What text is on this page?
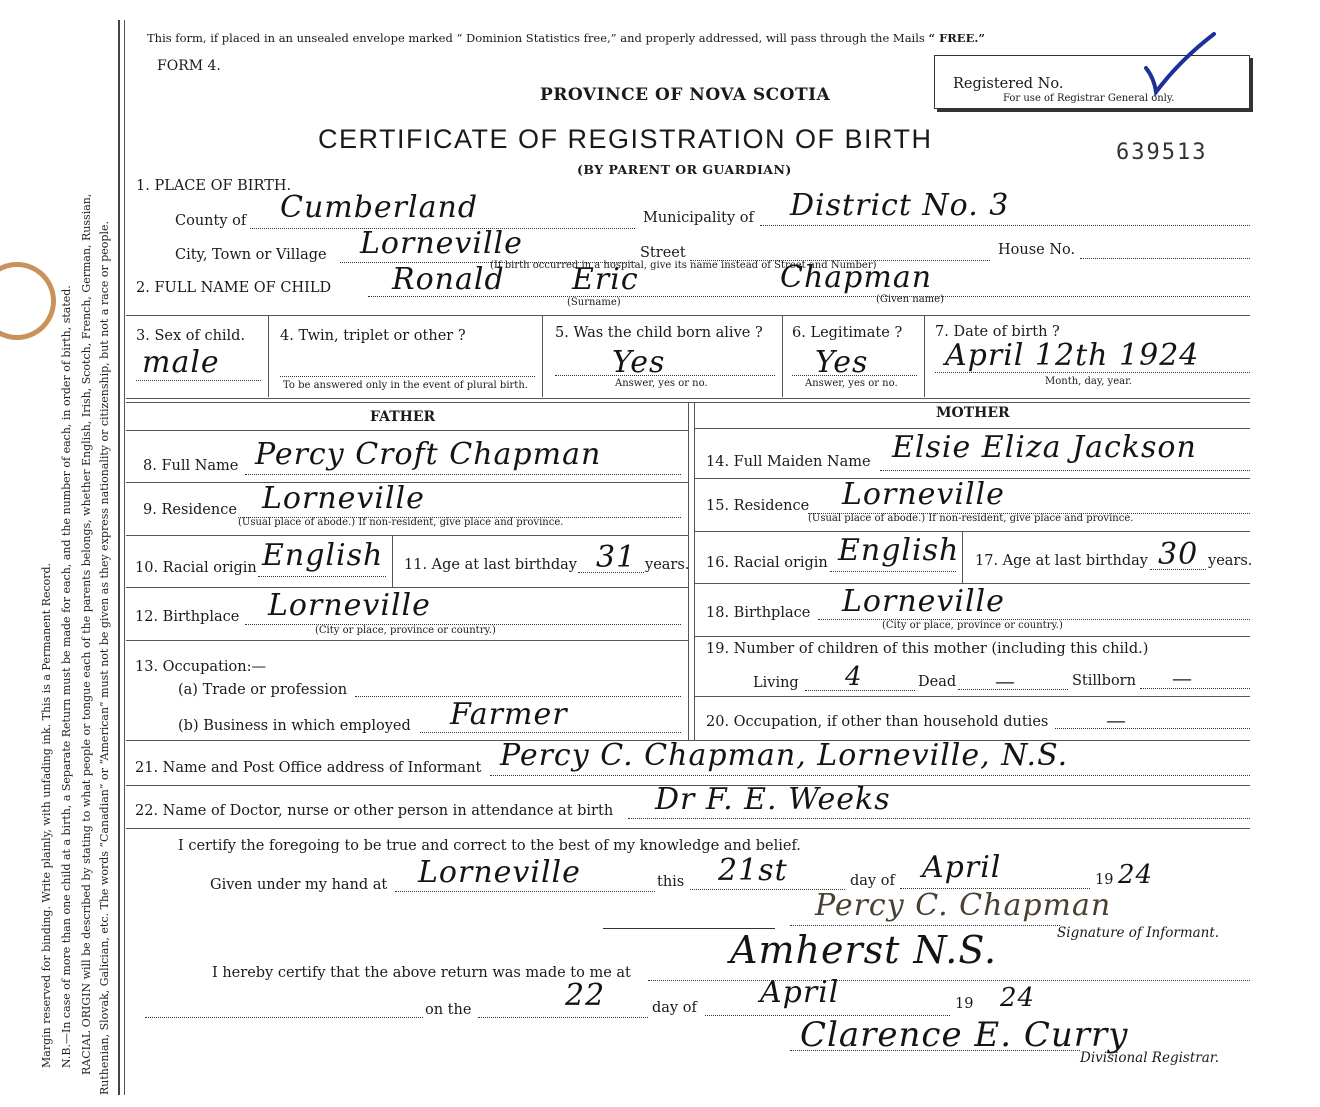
Margin reserved for binding. Write plainly, with unfading ink. This is a Permanent Record. N.B.—In case of more than one child at a birth, a Separate Return must be made for each, and the number of each, in order of birth, stated. RACIAL ORIGIN will be described by stating to what people or tongue each of the parents belongs, whether English, Irish, Scotch, French, German, Russian, Ruthenian, Slovak, Galician, etc. The words “Canadian” or “American” must not be given as they express nationality or citizenship, but not a race or people.
This form, if placed in an unsealed envelope marked “ Dominion Statistics free,” and properly addressed, will pass through the Mails “ FREE.”
FORM 4.
PROVINCE OF NOVA SCOTIA
CERTIFICATE OF REGISTRATION OF BIRTH
(BY PARENT OR GUARDIAN)
Registered No.
For use of Registrar General only.
639513
1. PLACE OF BIRTH.
County of Cumberland	Municipality of District No. 3
City, Town or Village Lorneville	Street	House No.
(If birth occurred in a hospital, give its name instead of Street and Number)
2. FULL NAME OF CHILD Ronald Eric	Chapman
(Surname)	(Given name)
3. Sex of child.
male
4. Twin, triplet or other ?
To be answered only in the event of plural birth.
5. Was the child born alive ?
Yes
Answer, yes or no.
6. Legitimate ?
Yes
Answer, yes or no.
7. Date of birth ?
April 12th 1924
Month, day, year.
FATHER	MOTHER
8. Full Name Percy Croft Chapman
9. Residence Lorneville
(Usual place of abode.) If non-resident, give place and province.
10. Racial origin English 11. Age at last birthday 31 years.
12. Birthplace Lorneville
(City or place, province or country.)
13. Occupation:—
(a) Trade or profession
(b) Business in which employed Farmer
14. Full Maiden Name Elsie Eliza Jackson
15. Residence Lorneville
(Usual place of abode.) If non-resident, give place and province.
16. Racial origin English 17. Age at last birthday 30 years.
18. Birthplace Lorneville
(City or place, province or country.)
19. Number of children of this mother (including this child.)
Living 4	Dead —	Stillborn —
20. Occupation, if other than household duties	—
21. Name and Post Office address of Informant Percy C. Chapman, Lorneville, N.S.
22. Name of Doctor, nurse or other person in attendance at birth Dr F. E. Weeks
I certify the foregoing to be true and correct to the best of my knowledge and belief.
Given under my hand at Lorneville	this 21st	day of April	19 24
Percy C. Chapman
Signature of Informant.
I hereby certify that the above return was made to me at
Amherst N.S.
on the	22	day of April	19 24
Clarence E. Curry
Divisional Registrar.
